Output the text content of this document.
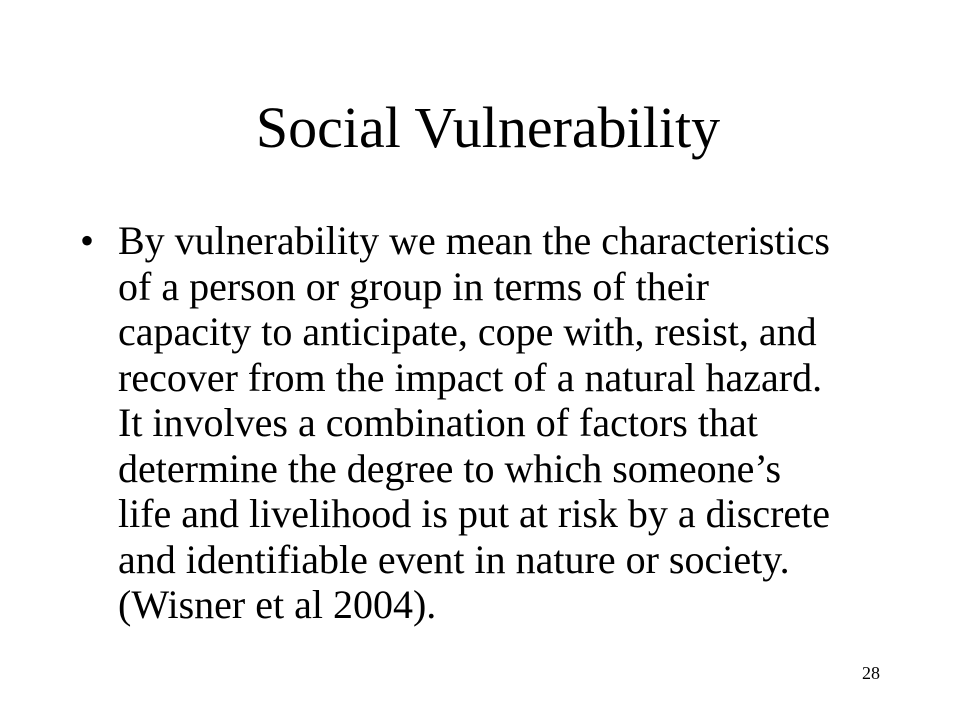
Social Vulnerability
• By vulnerability we mean the characteristics
of a person or group in terms of their
capacity to anticipate, cope with, resist, and
recover from the impact of a natural hazard.
It involves a combination of factors that
determine the degree to which someone’s
life and livelihood is put at risk by a discrete
and identifiable event in nature or society.
(Wisner et al 2004).
28
